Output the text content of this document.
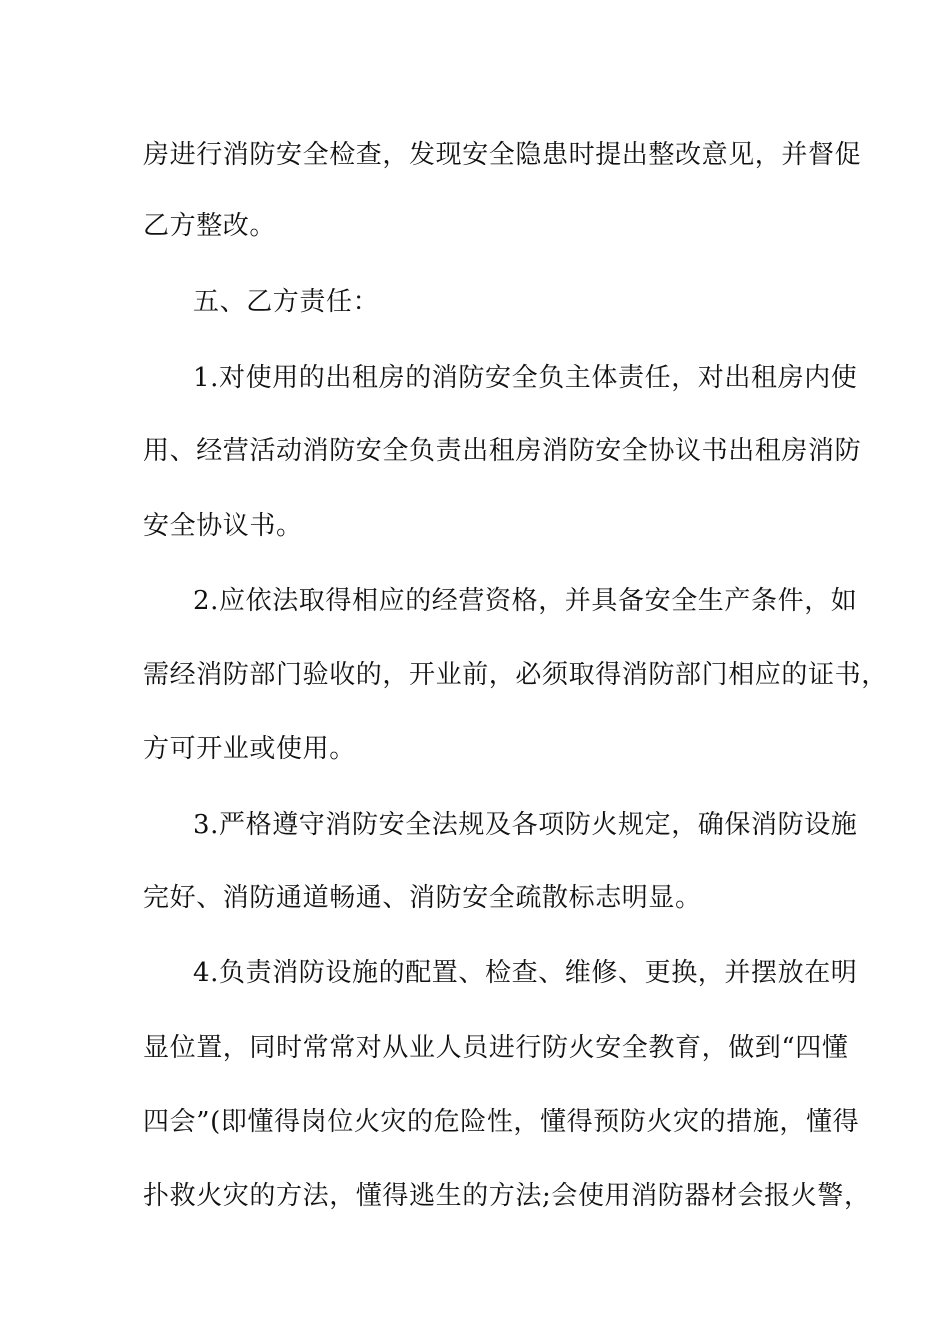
房进行消防安全检查，发现安全隐患时提出整改意见，并督促
乙方整改。
五、乙方责任：
1.对使用的出租房的消防安全负主体责任，对出租房内使
用、经营活动消防安全负责出租房消防安全协议书出租房消防
安全协议书。
2.应依法取得相应的经营资格，并具备安全生产条件，如
需经消防部门验收的，开业前，必须取得消防部门相应的证书，
方可开业或使用。
3.严格遵守消防安全法规及各项防火规定，确保消防设施
完好、消防通道畅通、消防安全疏散标志明显。
4.负责消防设施的配置、检查、维修、更换，并摆放在明
显位置，同时常常对从业人员进行防火安全教育，做到“四懂
四会”(即懂得岗位火灾的危险性，懂得预防火灾的措施，懂得
扑救火灾的方法，懂得逃生的方法;会使用消防器材会报火警，
